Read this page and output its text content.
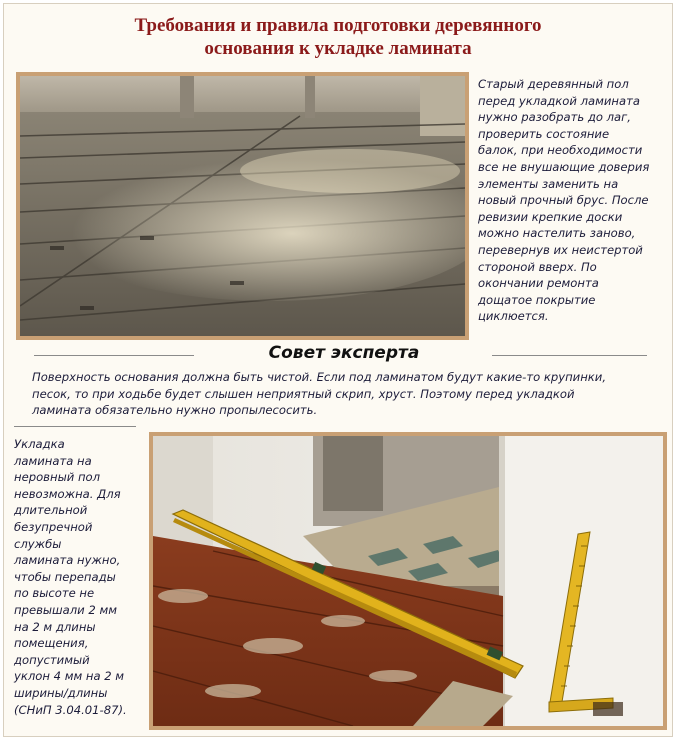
Требования и правила подготовки деревянного
основания к укладке ламината
Старый деревянный пол
перед укладкой ламината
нужно разобрать до лаг,
проверить состояние
балок, при необходимости
все не внушающие доверия
элементы заменить на
новый прочный брус. После
ревизии крепкие доски
можно настелить заново,
перевернув их неистертой
стороной вверх. По
окончании ремонта
дощатое покрытие
циклюется.
Совет эксперта
Поверхность основания должна быть чистой. Если под ламинатом будут какие-то крупинки,
песок, то при ходьбе будет слышен неприятный скрип, хруст. Поэтому перед укладкой
ламината обязательно нужно пропылесосить.
Укладка
ламината на
неровный пол
невозможна. Для
длительной
безупречной
службы
ламината нужно,
чтобы перепады
по высоте не
превышали 2 мм
на 2 м длины
помещения,
допустимый
уклон 4 мм на 2 м
ширины/длины
(СНиП 3.04.01-87).
